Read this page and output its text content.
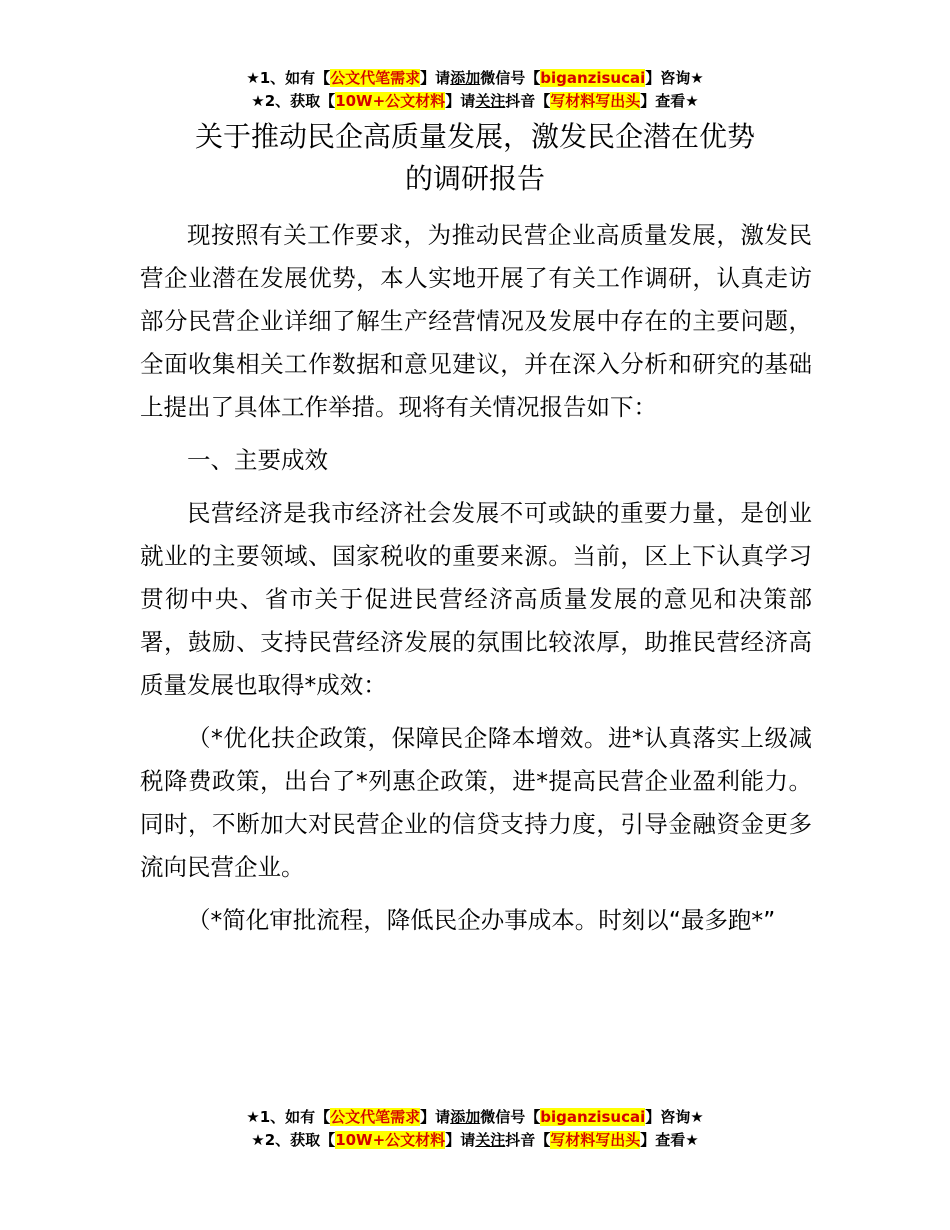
★1、如有【公文代笔需求】请添加微信号【biganzisucai】咨询★
★2、获取【10W+公文材料】请关注抖音【写材料写出头】查看★
关于推动民企高质量发展，激发民企潜在优势
的调研报告

现按照有关工作要求，为推动民营企业高质量发展，激发民营企业潜在发展优势，本人实地开展了有关工作调研，认真走访部分民营企业详细了解生产经营情况及发展中存在的主要问题，全面收集相关工作数据和意见建议，并在深入分析和研究的基础上提出了具体工作举措。现将有关情况报告如下：

一、主要成效

民营经济是我市经济社会发展不可或缺的重要力量，是创业就业的主要领域、国家税收的重要来源。当前，区上下认真学习贯彻中央、省市关于促进民营经济高质量发展的意见和决策部署，鼓励、支持民营经济发展的氛围比较浓厚，助推民营经济高质量发展也取得*成效：

（*优化扶企政策，保障民企降本增效。进*认真落实上级减税降费政策，出台了*列惠企政策，进*提高民营企业盈利能力。同时，不断加大对民营企业的信贷支持力度，引导金融资金更多流向民营企业。

（*简化审批流程，降低民企办事成本。时刻以“最多跑*”

★1、如有【公文代笔需求】请添加微信号【biganzisucai】咨询★
★2、获取【10W+公文材料】请关注抖音【写材料写出头】查看★
